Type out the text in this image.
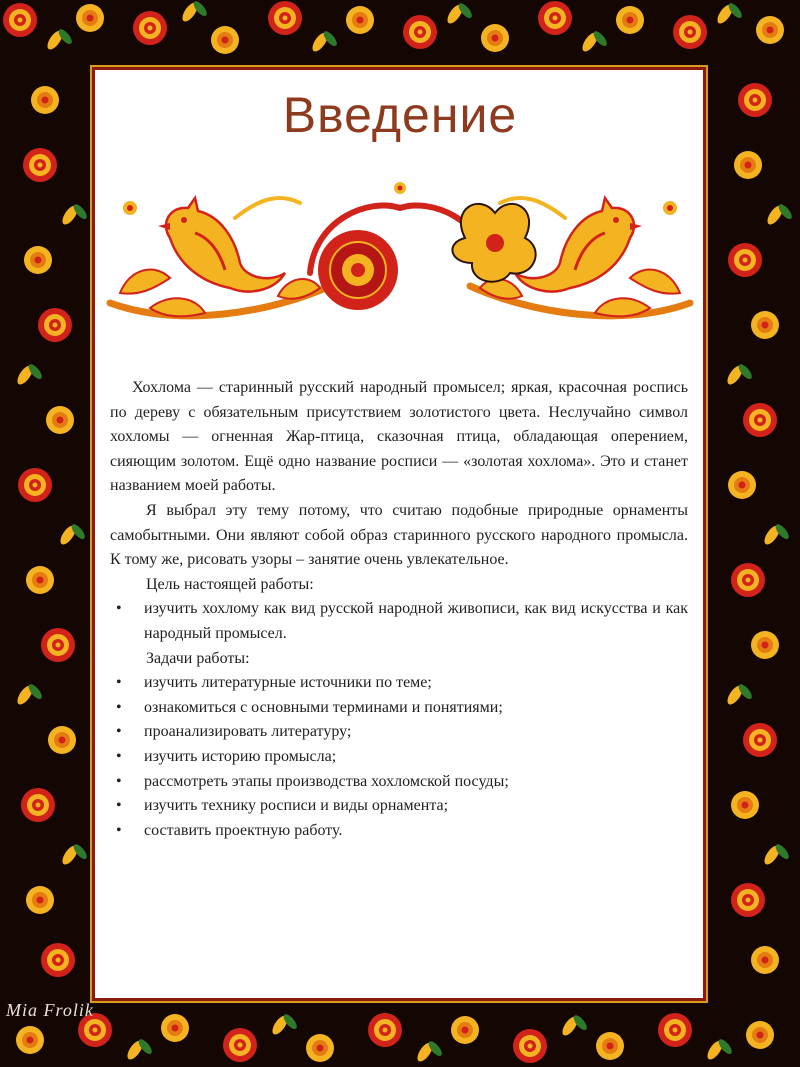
Введение

Хохлома — старинный русский народный промысел; яркая, красочная роспись по дереву с обязательным присутствием золотистого цвета. Неслучайно символ хохломы — огненная Жар-птица, сказочная птица, обладающая оперением, сияющим золотом. Ещё одно название росписи — «золотая хохлома». Это и станет названием моей работы.

Я выбрал эту тему потому, что считаю подобные природные орнаменты самобытными. Они являют собой образ старинного русского народного промысла. К тому же, рисовать узоры – занятие очень увлекательное.

Цель настоящей работы:

• изучить хохлому как вид русской народной живописи, как вид искусства и как народный промысел.

Задачи работы:

• изучить литературные источники по теме;
• ознакомиться с основными терминами и понятиями;
• проанализировать литературу;
• изучить историю промысла;
• рассмотреть этапы производства хохломской посуды;
• изучить технику росписи и виды орнамента;
• составить проектную работу.
Mia Frolik
